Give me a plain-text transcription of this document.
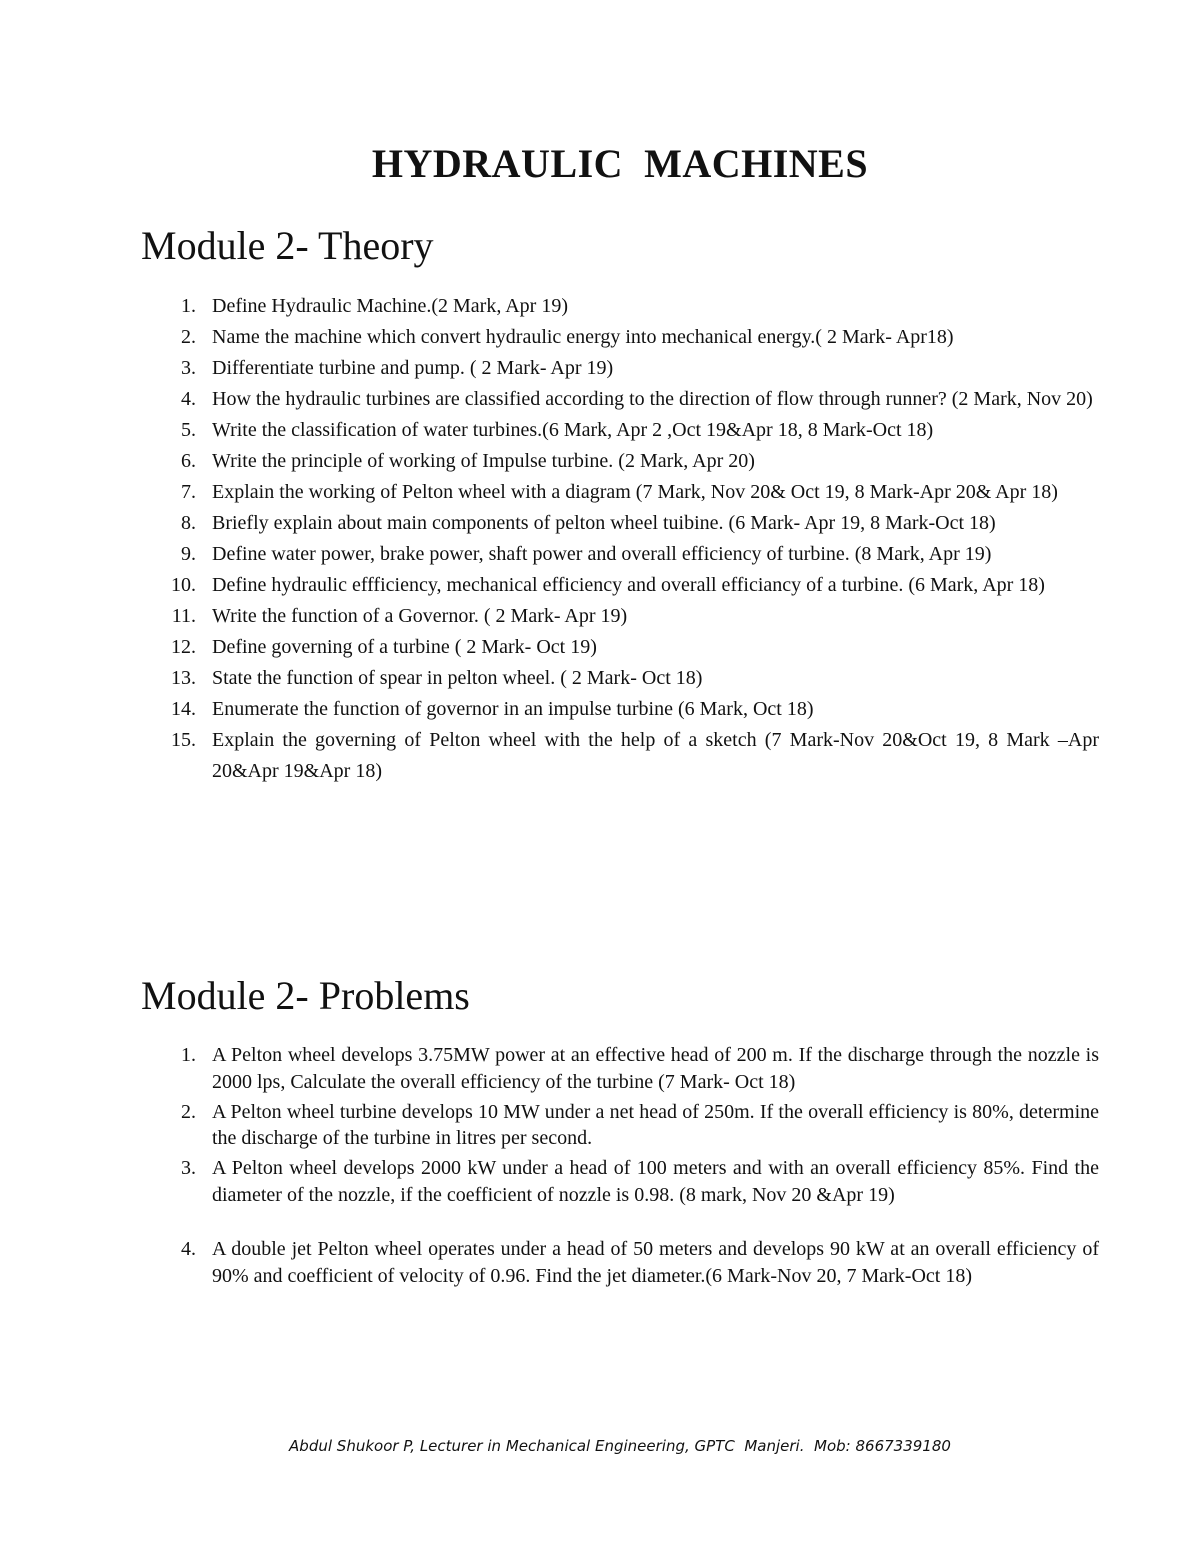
HYDRAULIC  MACHINES
Module 2- Theory
1. Define Hydraulic Machine.(2 Mark, Apr 19)
2. Name the machine which convert hydraulic energy into mechanical energy.( 2 Mark- Apr18)
3. Differentiate turbine and pump. ( 2 Mark- Apr 19)
4. How the hydraulic turbines are classified according to the direction of flow through runner? (2 Mark, Nov 20)
5. Write the classification of water turbines.(6 Mark, Apr 2 ,Oct 19&Apr 18, 8 Mark-Oct 18)
6. Write the principle of working of Impulse turbine. (2 Mark, Apr 20)
7. Explain the working of Pelton wheel with a diagram (7 Mark, Nov 20& Oct 19, 8 Mark-Apr 20& Apr 18)
8. Briefly explain about main components of pelton wheel tuibine. (6 Mark- Apr 19, 8 Mark-Oct 18)
9. Define water power, brake power, shaft power and overall efficiency of turbine. (8 Mark, Apr 19)
10. Define hydraulic effficiency, mechanical efficiency and overall efficiancy of a turbine. (6 Mark, Apr 18)
11. Write the function of a Governor. ( 2 Mark- Apr 19)
12. Define governing of a turbine ( 2 Mark- Oct 19)
13. State the function of spear in pelton wheel. ( 2 Mark- Oct 18)
14. Enumerate the function of governor in an impulse turbine (6 Mark, Oct 18)
15. Explain the governing of Pelton wheel with the help of a sketch (7 Mark-Nov 20&Oct 19, 8 Mark –Apr 20&Apr 19&Apr 18)
Module 2- Problems
1. A Pelton wheel develops 3.75MW power at an effective head of 200 m. If the discharge through the nozzle is 2000 lps, Calculate the overall efficiency of the turbine (7 Mark- Oct 18)
2. A Pelton wheel turbine develops 10 MW under a net head of 250m. If the overall efficiency is 80%, determine the discharge of the turbine in litres per second.
3. A Pelton wheel develops 2000 kW under a head of 100 meters and with an overall efficiency 85%. Find the diameter of the nozzle, if the coefficient of nozzle is 0.98. (8 mark, Nov 20 &Apr 19)
4. A double jet Pelton wheel operates under a head of 50 meters and develops 90 kW at an overall efficiency of 90% and coefficient of velocity of 0.96. Find the jet diameter.(6 Mark-Nov 20, 7 Mark-Oct 18)
Abdul Shukoor P, Lecturer in Mechanical Engineering, GPTC  Manjeri.  Mob: 8667339180
